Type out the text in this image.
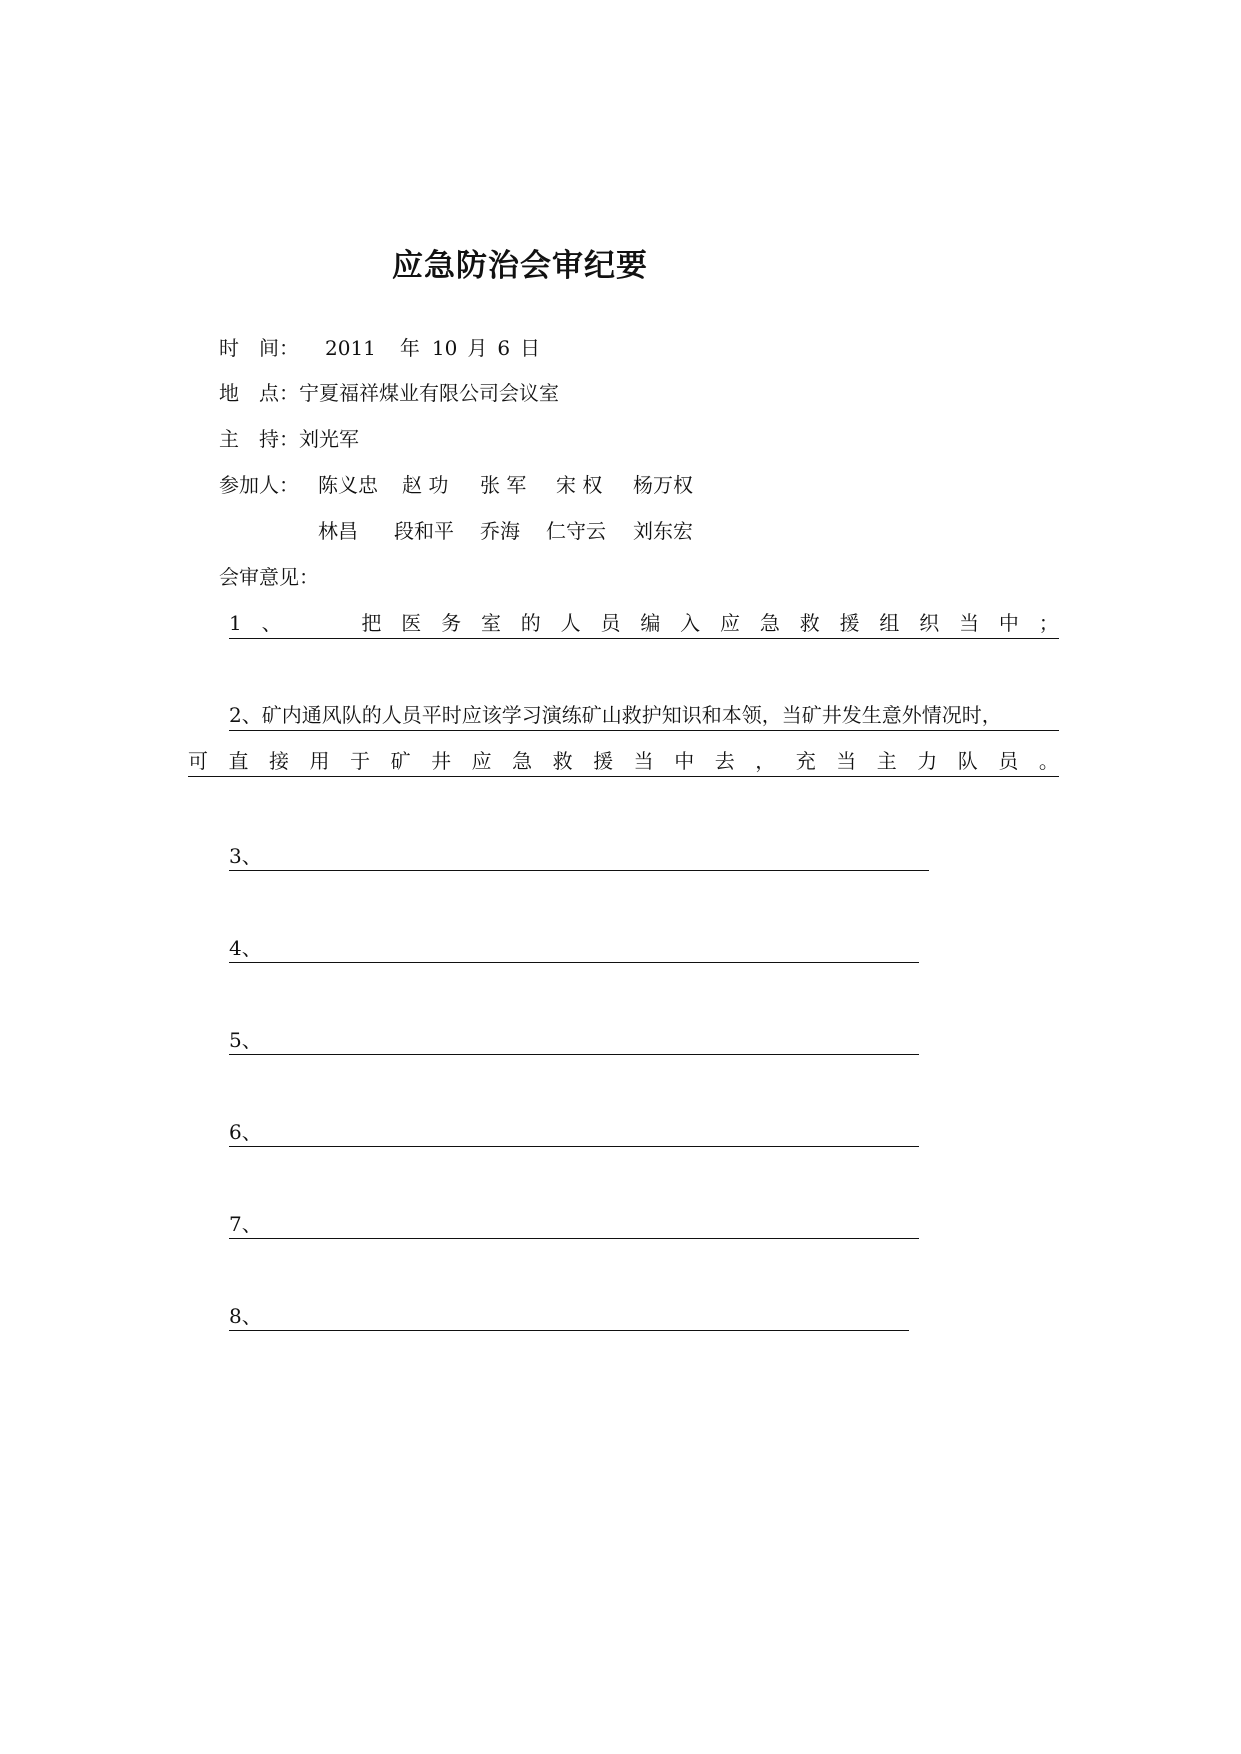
应急防治会审纪要
时　间： 2011 年 10 月 6 日
地　点：宁夏福祥煤业有限公司会议室
主　持：刘光军
参加人： 陈义忠 赵 功 张 军 宋 权 杨万权
林昌 段和平 乔海 仁守云 刘东宏
会审意见：
1 、	把 医 务 室 的 人 员 编 入 应 急 救 援 组 织 当 中 ；
2、矿内通风队的人员平时应该学习演练矿山救护知识和本领，当矿井发生意外情况时，
可 直 接 用 于 矿 井 应 急 救 援 当 中 去 ， 充 当 主 力 队 员 。
3、
4、
5、
6、
7、
8、
